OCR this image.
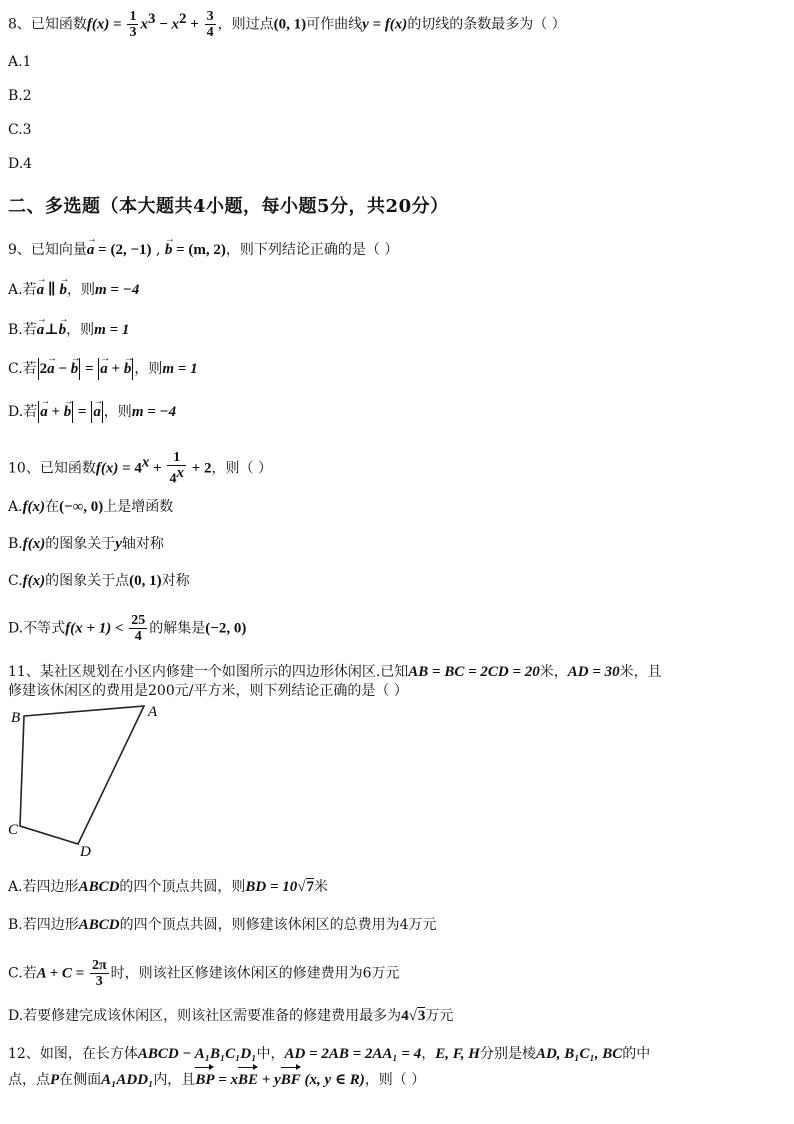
8、已知函数$f(x) = \frac{1}{3} x^3 - x^2 + \frac{3}{4}$ ，则过点(0, 1)可作曲线y = f(x)的切线的条数最多为（ ）
A.1
B.2
C.3
D.4
二、多选题（本大题共4小题，每小题5分，共20分）
9、已知向量→ a = (2, −1) , → b = (m, 2)，则下列结论正确的是（ ）
A.若→ a ∥ → b，则m = −4
B.若→ a⊥→ b，则m = 1
C.若 2→ a − → b = → a + → b ，则m = 1
D.若→ a + → b = → a ，则m = −4
10、已知函数$f(x) = 4^x + \frac{1}{4^x} + 2$，则（ ）
A.f(x)在(−∞, 0)上是增函数
B.f(x)的图象关于y轴对称
C.f(x)的图象关于点(0, 1)对称
D.不等式$f(x + 1) < \frac{25}{4}$ 的解集是(−2, 0)
11、某社区规划在小区内修建一个如图所示的四边形休闲区.已知AB = BC = 2CD = 20米，AD = 30米，且
修建该休闲区的费用是200元/平方米，则下列结论正确的是（ ）
A
B
C
D
A.若四边形ABCD的四个顶点共圆，则BD = 10√7米
B.若四边形ABCD的四个顶点共圆，则修建该休闲区的总费用为4万元
C.若$A + C = \frac{2\pi}{3}$ 时，则该社区修建该休闲区的修建费用为6万元
D.若要修建完成该休闲区，则该社区需要准备的修建费用最多为4√3万元
12、如图，在长方体ABCD − A₁B₁C₁D₁中，AD = 2AB = 2AA₁ = 4，E, F, H分别是棱AD, B₁C₁, BC的中
点，点P在侧面A₁ADD₁内，且BP = xBE + yBF (x, y ∈ R)，则（ ）
